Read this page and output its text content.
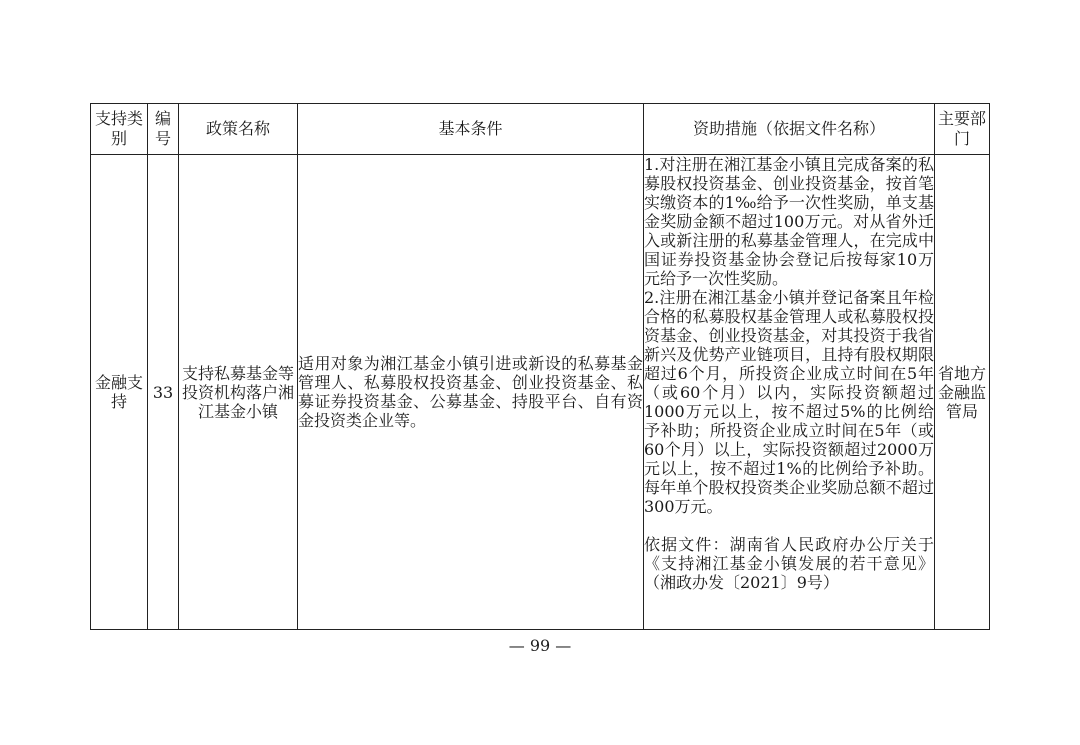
支持类别	编号	政策名称	基本条件	资助措施（依据文件名称）	主要部门
金融支持	33	支持私募基金等投资机构落户湘江基金小镇	适用对象为湘江基金小镇引进或新设的私募基金管理人、私募股权投资基金、创业投资基金、私募证券投资基金、公募基金、持股平台、自有资金投资类企业等。	1.对注册在湘江基金小镇且完成备案的私募股权投资基金、创业投资基金，按首笔实缴资本的1‰给予一次性奖励，单支基金奖励金额不超过100万元。对从省外迁入或新注册的私募基金管理人，在完成中国证券投资基金协会登记后按每家10万元给予一次性奖励。

2.注册在湘江基金小镇并登记备案且年检合格的私募股权基金管理人或私募股权投资基金、创业投资基金，对其投资于我省新兴及优势产业链项目，且持有股权期限超过6个月，所投资企业成立时间在5年（或60个月）以内，实际投资额超过1000万元以上，按不超过5%的比例给予补助；所投资企业成立时间在5年（或60个月）以上，实际投资额超过2000万元以上，按不超过1%的比例给予补助。每年单个股权投资类企业奖励总额不超过300万元。

依据文件：湖南省人民政府办公厅关于《支持湘江基金小镇发展的若干意见》（湘政办发〔2021〕9号）	省地方金融监管局
— 99 —
